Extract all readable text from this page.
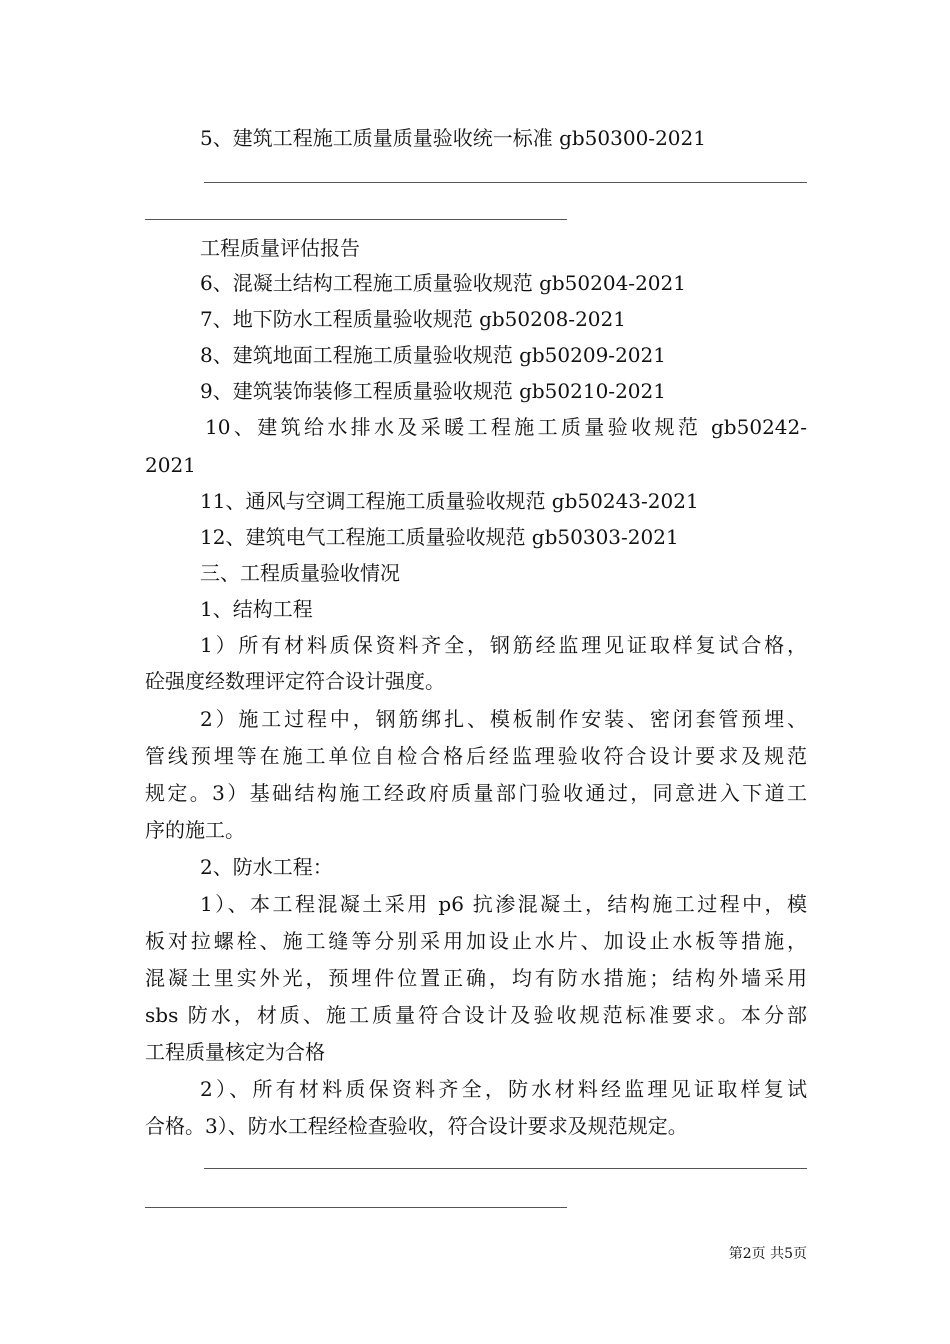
5、建筑工程施工质量质量验收统一标准 gb50300-2021
工程质量评估报告
6、混凝土结构工程施工质量验收规范 gb50204-2021
7、地下防水工程质量验收规范 gb50208-2021
8、建筑地面工程施工质量验收规范 gb50209-2021
9、建筑装饰装修工程质量验收规范 gb50210-2021
10、建筑给水排水及采暖工程施工质量验收规范 gb50242-
2021
11、通风与空调工程施工质量验收规范 gb50243-2021
12、建筑电气工程施工质量验收规范 gb50303-2021
三、工程质量验收情况
1、结构工程
1）所有材料质保资料齐全，钢筋经监理见证取样复试合格，
砼强度经数理评定符合设计强度。
2）施工过程中，钢筋绑扎、模板制作安装、密闭套管预埋、
管线预埋等在施工单位自检合格后经监理验收符合设计要求及规范
规定。3）基础结构施工经政府质量部门验收通过，同意进入下道工
序的施工。
2、防水工程：
1）、本工程混凝土采用 p6 抗渗混凝土，结构施工过程中，模
板对拉螺栓、施工缝等分别采用加设止水片、加设止水板等措施，
混凝土里实外光，预埋件位置正确，均有防水措施；结构外墙采用
sbs 防水，材质、施工质量符合设计及验收规范标准要求。本分部
工程质量核定为合格
2）、所有材料质保资料齐全，防水材料经监理见证取样复试
合格。3）、防水工程经检查验收，符合设计要求及规范规定。
第2页 共5页
